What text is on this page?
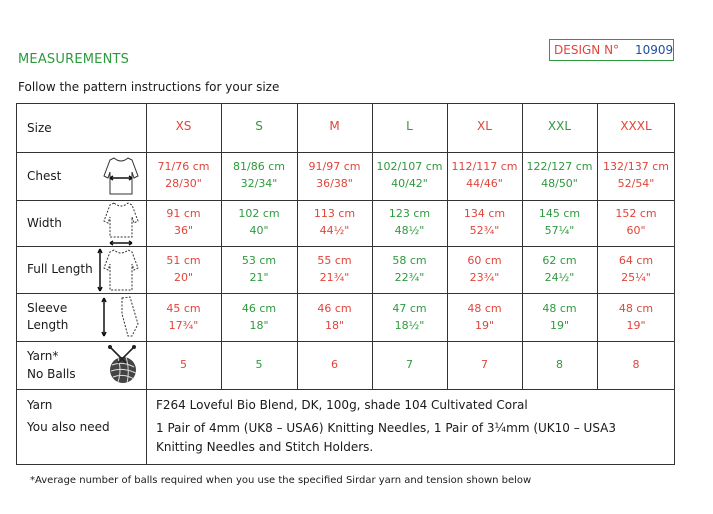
MEASUREMENTS
DESIGN N° 10909
Follow the pattern instructions for your size
Size
Chest
Width
Full Length
Sleeve
Length
Yarn*
No Balls
XS
71/76 cm
28/30"
91 cm
36"
51 cm
20"
45 cm
17¾"
5
S
81/86 cm
32/34"
102 cm
40"
53 cm
21"
46 cm
18"
5
M
91/97 cm
36/38"
113 cm
44½"
55 cm
21¾"
46 cm
18"
6
L
102/107 cm
40/42"
123 cm
48½"
58 cm
22¾"
47 cm
18½"
7
XL
112/117 cm
44/46"
134 cm
52¾"
60 cm
23¾"
48 cm
19"
7
XXL
122/127 cm
48/50"
145 cm
57¼"
62 cm
24½"
48 cm
19"
8
XXXL
132/137 cm
52/54"
152 cm
60"
64 cm
25¼"
48 cm
19"
8
Yarn
You also need
F264 Loveful Bio Blend, DK, 100g, shade 104 Cultivated Coral
1 Pair of 4mm (UK8 – USA6) Knitting Needles, 1 Pair of 3¼mm (UK10 – USA3
Knitting Needles and Stitch Holders.
*Average number of balls required when you use the specified Sirdar yarn and tension shown below
